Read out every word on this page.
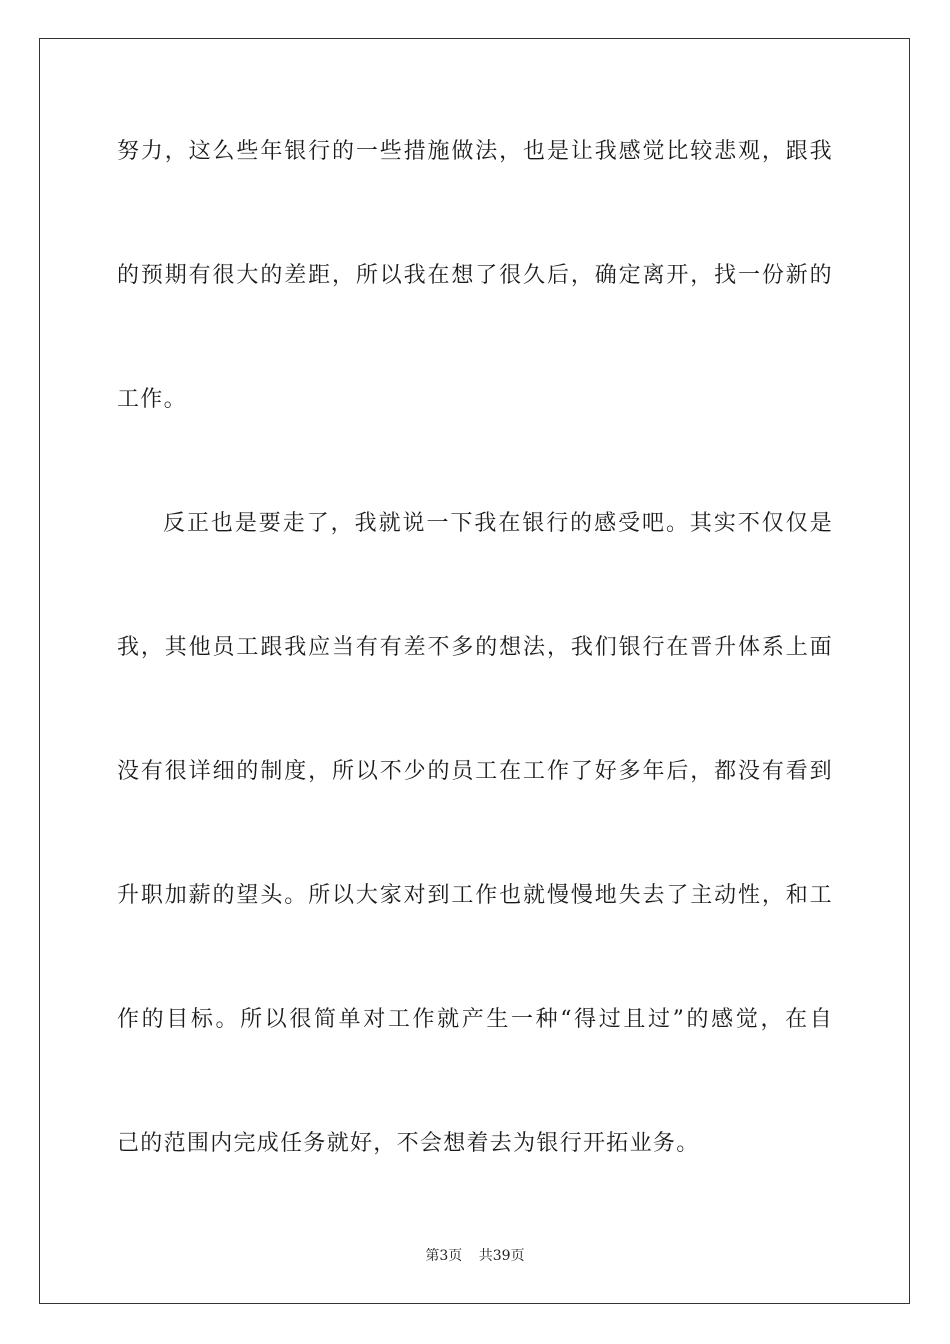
努力，这么些年银行的一些措施做法，也是让我感觉比较悲观，跟我
的预期有很大的差距，所以我在想了很久后，确定离开，找一份新的
工作。
反正也是要走了，我就说一下我在银行的感受吧。其实不仅仅是
我，其他员工跟我应当有有差不多的想法，我们银行在晋升体系上面
没有很详细的制度，所以不少的员工在工作了好多年后，都没有看到
升职加薪的望头。所以大家对到工作也就慢慢地失去了主动性，和工
作的目标。所以很简单对工作就产生一种“得过且过”的感觉，在自
己的范围内完成任务就好，不会想着去为银行开拓业务。
第3页 共39页
